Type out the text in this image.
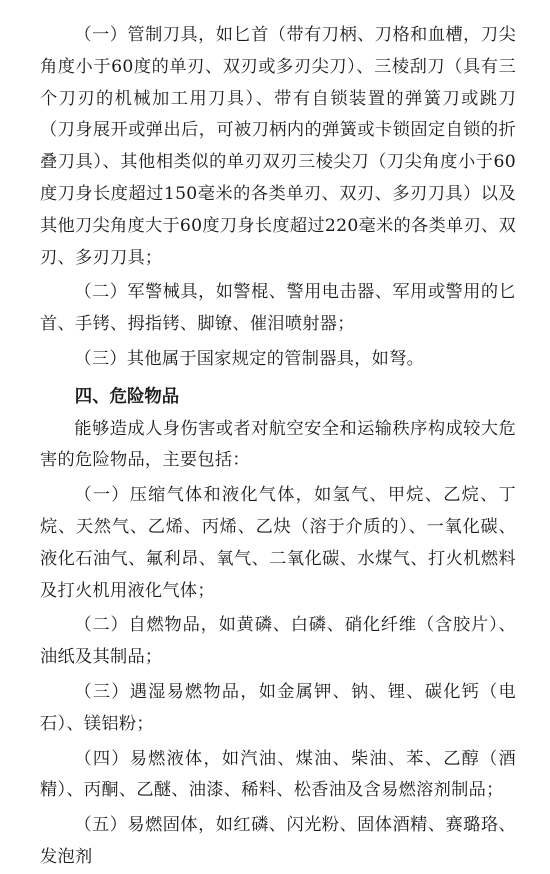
（一）管制刀具，如匕首（带有刀柄、刀格和血槽，刀尖角度小于60度的单刃、双刃或多刃尖刀）、三棱刮刀（具有三个刀刃的机械加工用刀具）、带有自锁装置的弹簧刀或跳刀（刀身展开或弹出后，可被刀柄内的弹簧或卡锁固定自锁的折叠刀具）、其他相类似的单刃双刃三棱尖刀（刀尖角度小于60度刀身长度超过150毫米的各类单刃、双刃、多刃刀具）以及其他刀尖角度大于60度刀身长度超过220毫米的各类单刃、双刃、多刃刀具；

（二）军警械具，如警棍、警用电击器、军用或警用的匕首、手铐、拇指铐、脚镣、催泪喷射器；

（三）其他属于国家规定的管制器具，如弩。

四、危险物品

能够造成人身伤害或者对航空安全和运输秩序构成较大危害的危险物品，主要包括：

（一）压缩气体和液化气体，如氢气、甲烷、乙烷、丁烷、天然气、乙烯、丙烯、乙炔（溶于介质的）、一氧化碳、液化石油气、氟利昂、氧气、二氧化碳、水煤气、打火机燃料及打火机用液化气体；

（二）自燃物品，如黄磷、白磷、硝化纤维（含胶片）、油纸及其制品；

（三）遇湿易燃物品，如金属钾、钠、锂、碳化钙（电石）、镁铝粉；

（四）易燃液体，如汽油、煤油、柴油、苯、乙醇（酒精）、丙酮、乙醚、油漆、稀料、松香油及含易燃溶剂制品；

（五）易燃固体，如红磷、闪光粉、固体酒精、赛璐珞、发泡剂
